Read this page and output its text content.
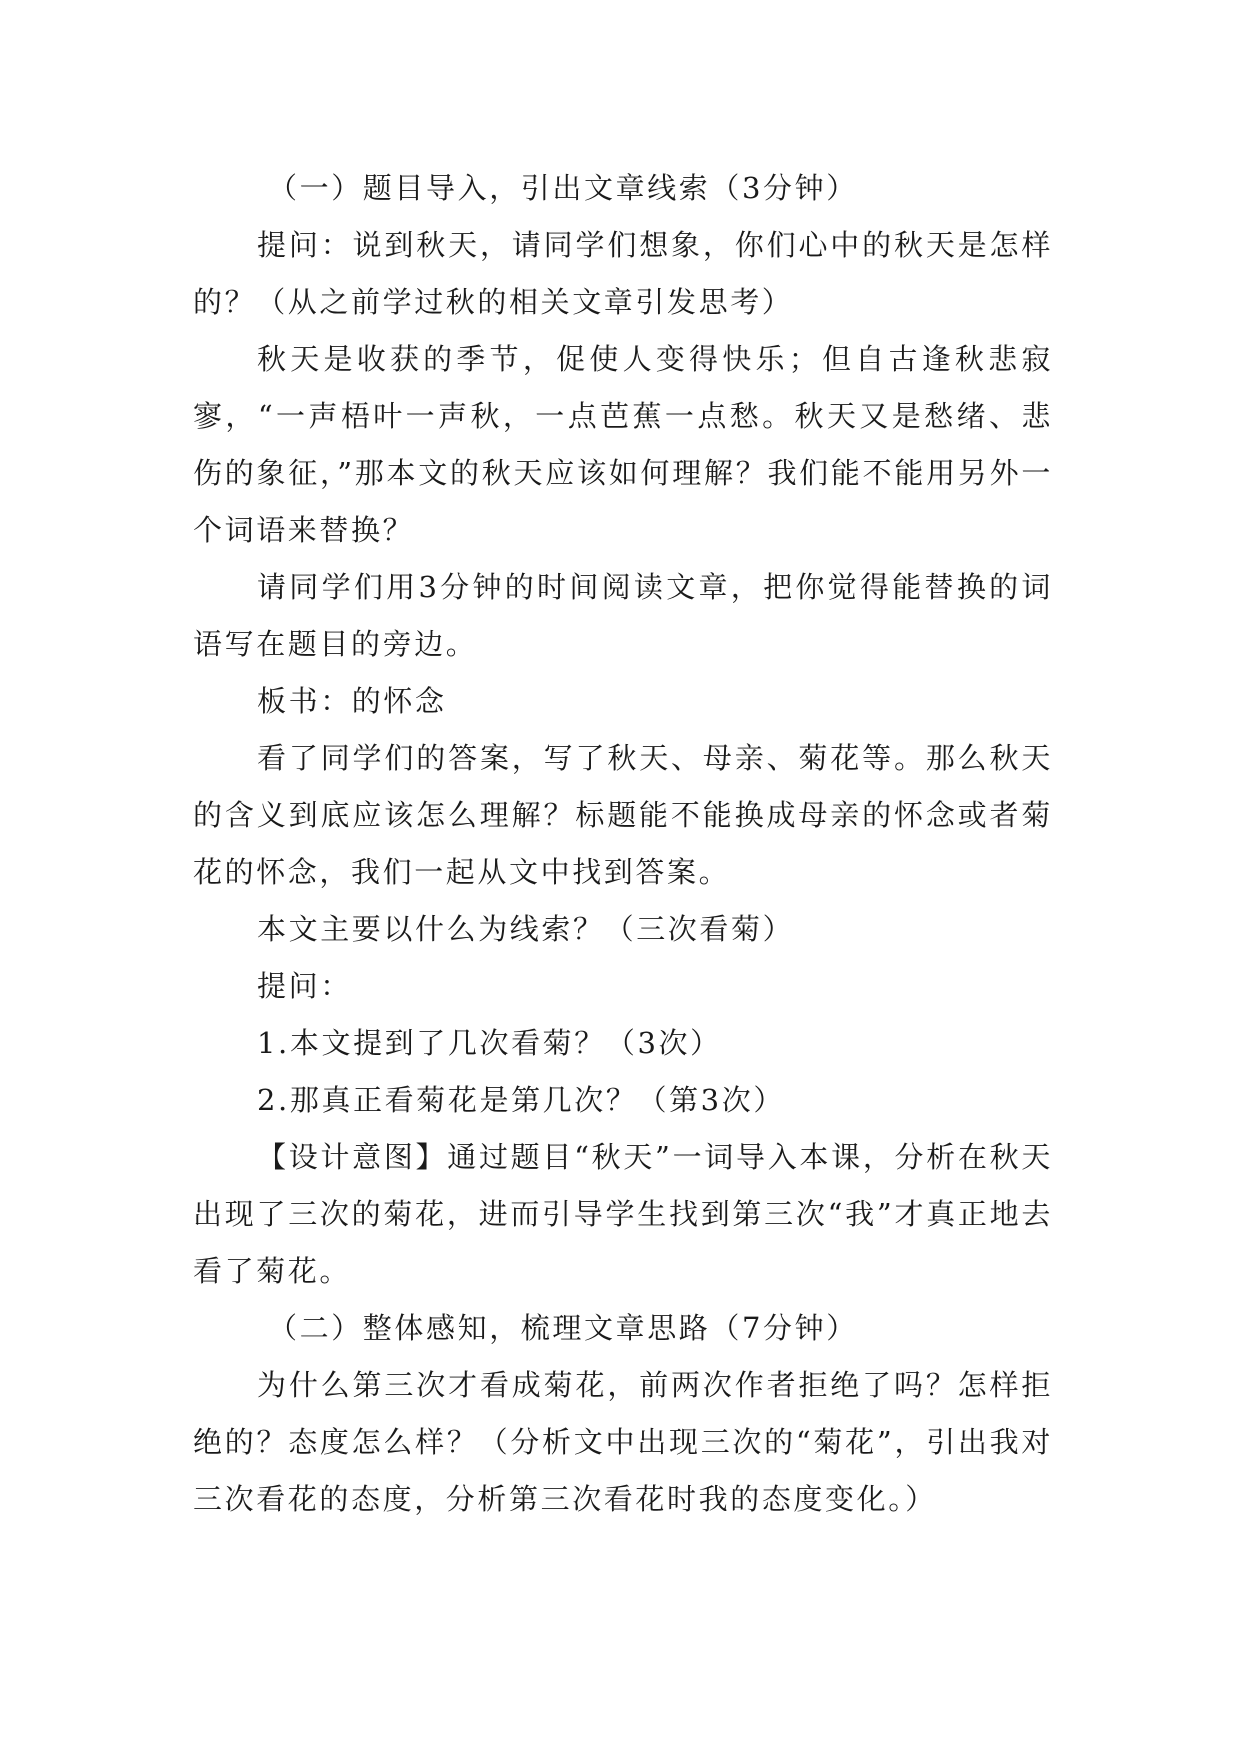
（一）题目导入，引出文章线索（3分钟）

提问：说到秋天，请同学们想象，你们心中的秋天是怎样的？（从之前学过秋的相关文章引发思考）

秋天是收获的季节，促使人变得快乐；但自古逢秋悲寂寥，“一声梧叶一声秋，一点芭蕉一点愁。秋天又是愁绪、悲伤的象征，”那本文的秋天应该如何理解？我们能不能用另外一个词语来替换？

请同学们用3分钟的时间阅读文章，把你觉得能替换的词语写在题目的旁边。

板书：的怀念

看了同学们的答案，写了秋天、母亲、菊花等。那么秋天的含义到底应该怎么理解？标题能不能换成母亲的怀念或者菊花的怀念，我们一起从文中找到答案。

本文主要以什么为线索？（三次看菊）

提问：

1.本文提到了几次看菊？（3次）

2.那真正看菊花是第几次？（第3次）

【设计意图】通过题目“秋天”一词导入本课，分析在秋天出现了三次的菊花，进而引导学生找到第三次“我”才真正地去看了菊花。

（二）整体感知，梳理文章思路（7分钟）

为什么第三次才看成菊花，前两次作者拒绝了吗？怎样拒绝的？态度怎么样？（分析文中出现三次的“菊花”，引出我对三次看花的态度，分析第三次看花时我的态度变化。）
